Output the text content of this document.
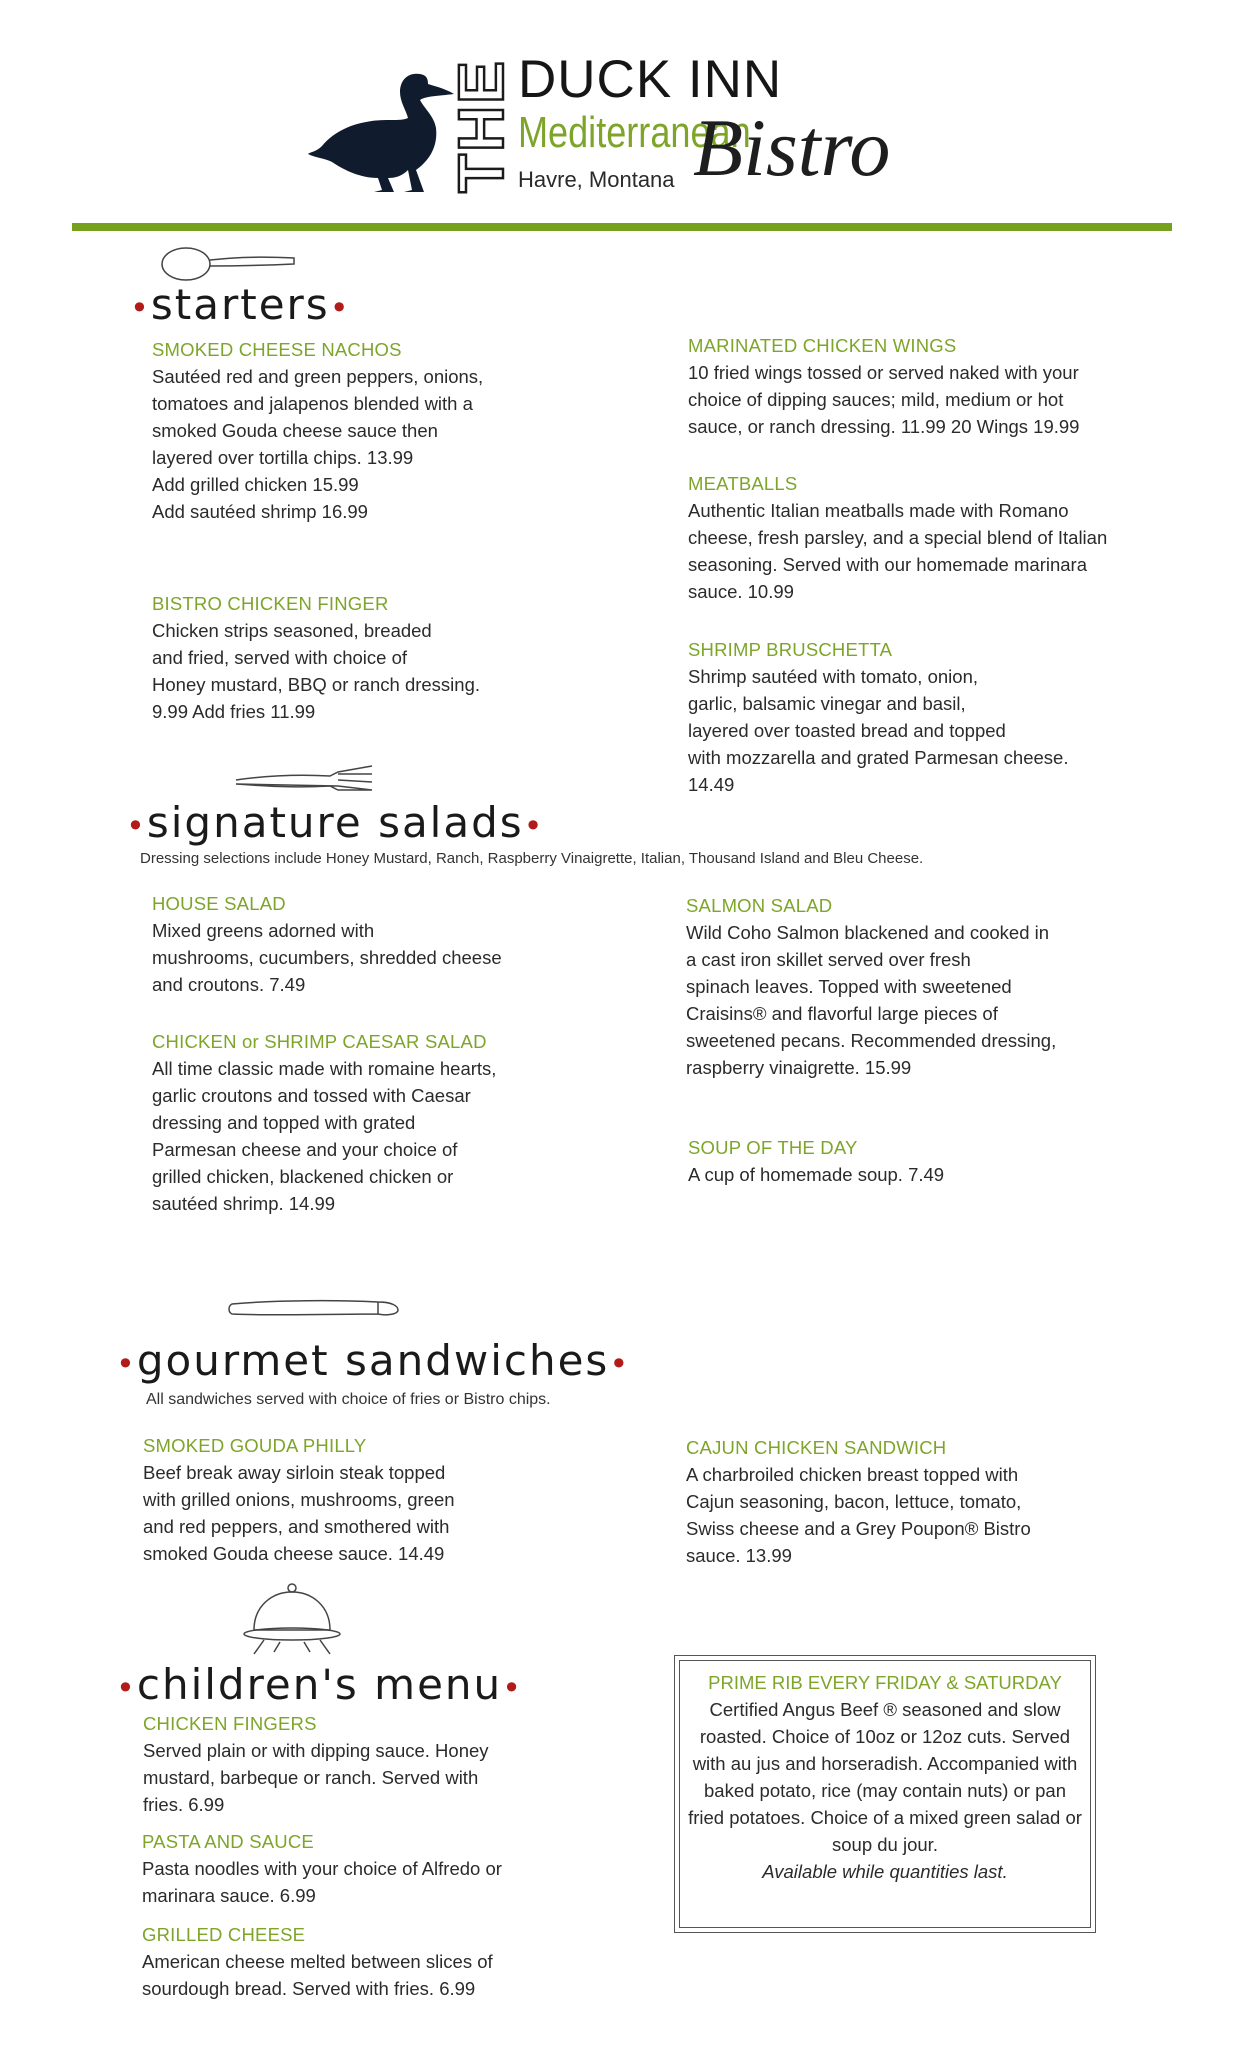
THE DUCK INN
Mediterranean
Havre, Montana Bistro
•starters•
SMOKED CHEESE NACHOS
Sautéed red and green peppers, onions,
tomatoes and jalapenos blended with a
smoked Gouda cheese sauce then
layered over tortilla chips. 13.99
Add grilled chicken 15.99
Add sautéed shrimp 16.99
BISTRO CHICKEN FINGER
Chicken strips seasoned, breaded
and fried, served with choice of
Honey mustard, BBQ or ranch dressing.
9.99 Add fries 11.99
MARINATED CHICKEN WINGS
10 fried wings tossed or served naked with your
choice of dipping sauces; mild, medium or hot
sauce, or ranch dressing. 11.99 20 Wings 19.99
MEATBALLS
Authentic Italian meatballs made with Romano
cheese, fresh parsley, and a special blend of Italian
seasoning. Served with our homemade marinara
sauce. 10.99
SHRIMP BRUSCHETTA
Shrimp sautéed with tomato, onion,
garlic, balsamic vinegar and basil,
layered over toasted bread and topped
with mozzarella and grated Parmesan cheese.
14.49
•signature salads•
Dressing selections include Honey Mustard, Ranch, Raspberry Vinaigrette, Italian, Thousand Island and Bleu Cheese.
HOUSE SALAD
Mixed greens adorned with
mushrooms, cucumbers, shredded cheese
and croutons. 7.49
CHICKEN or SHRIMP CAESAR SALAD
All time classic made with romaine hearts,
garlic croutons and tossed with Caesar
dressing and topped with grated
Parmesan cheese and your choice of
grilled chicken, blackened chicken or
sautéed shrimp. 14.99
SALMON SALAD
Wild Coho Salmon blackened and cooked in
a cast iron skillet served over fresh
spinach leaves. Topped with sweetened
Craisins® and flavorful large pieces of
sweetened pecans. Recommended dressing,
raspberry vinaigrette. 15.99
SOUP OF THE DAY
A cup of homemade soup. 7.49
•gourmet sandwiches•
All sandwiches served with choice of fries or Bistro chips.
SMOKED GOUDA PHILLY
Beef break away sirloin steak topped
with grilled onions, mushrooms, green
and red peppers, and smothered with
smoked Gouda cheese sauce. 14.49
CAJUN CHICKEN SANDWICH
A charbroiled chicken breast topped with
Cajun seasoning, bacon, lettuce, tomato,
Swiss cheese and a Grey Poupon® Bistro
sauce. 13.99
•children's menu•
CHICKEN FINGERS
Served plain or with dipping sauce. Honey
mustard, barbeque or ranch. Served with
fries. 6.99
PASTA AND SAUCE
Pasta noodles with your choice of Alfredo or
marinara sauce. 6.99
GRILLED CHEESE
American cheese melted between slices of
sourdough bread. Served with fries. 6.99
PRIME RIB EVERY FRIDAY & SATURDAY
Certified Angus Beef ® seasoned and slow roasted. Choice of 10oz or 12oz cuts. Served with au jus and horseradish. Accompanied with baked potato, rice (may contain nuts) or pan fried potatoes. Choice of a mixed green salad or soup du jour.
Available while quantities last.
